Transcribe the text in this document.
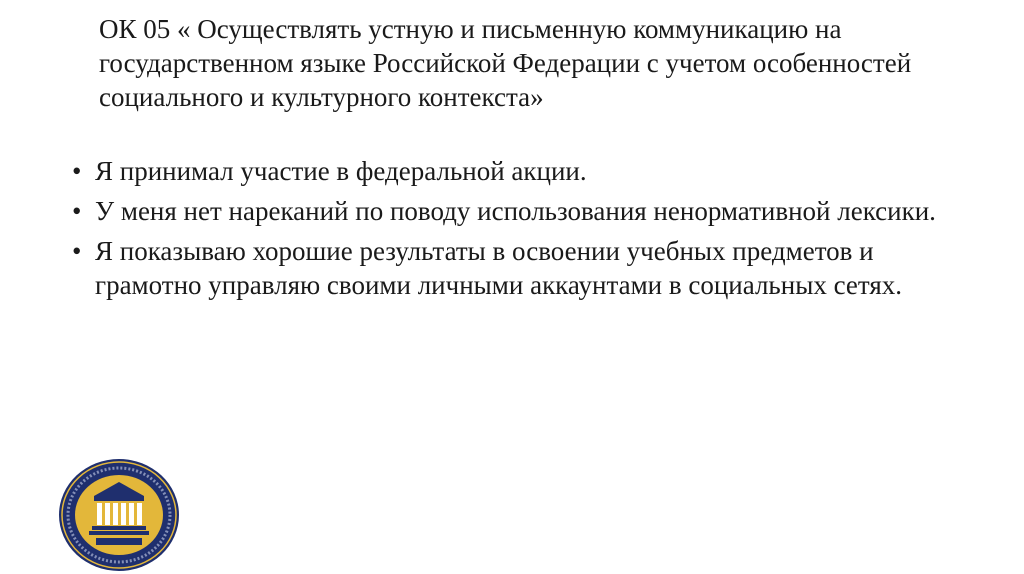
ОК 05 « Осуществлять устную и письменную коммуникацию на государственном языке Российской Федерации с учетом особенностей социального и культурного контекста»
• Я принимал участие в федеральной акции.
• У меня нет нареканий по поводу использования ненормативной лексики.
• Я показываю хорошие результаты в освоении учебных предметов и грамотно управляю своими личными аккаунтами в социальных сетях.
